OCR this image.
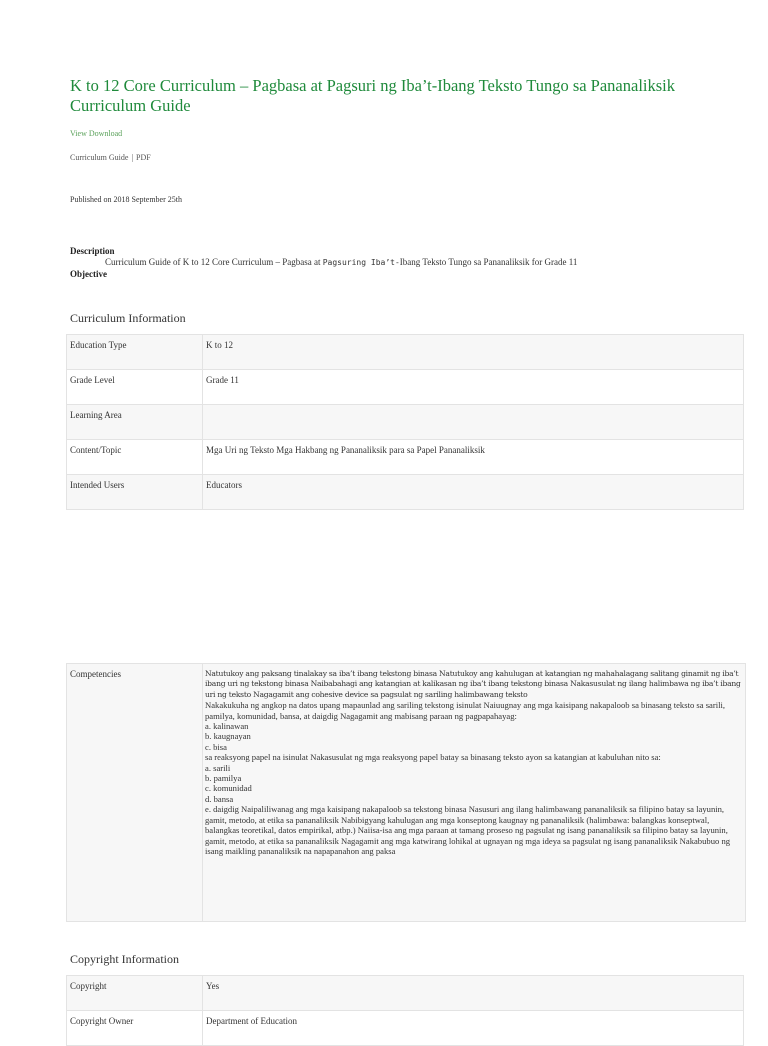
K to 12 Core Curriculum – Pagbasa at Pagsuri ng Iba’t-Ibang Teksto Tungo sa Pananaliksik Curriculum Guide
View Download
Curriculum Guide | PDF
Published on 2018 September 25th
Description
Curriculum Guide of K to 12 Core Curriculum – Pagbasa at Pagsuring Iba’t-Ibang Teksto Tungo sa Pananaliksik for Grade 11
Objective
Curriculum Information
Education Type	K to 12
Grade Level	Grade 11
Learning Area	
Content/Topic	Mga Uri ng Teksto Mga Hakbang ng Pananaliksik para sa Papel Pananaliksik
Intended Users	Educators
Competencies	Natutukoy ang paksang tinalakay sa iba’t ibang tekstong binasa Natutukoy ang kahulugan at katangian ng mahahalagang salitang ginamit ng iba’t ibang uri ng tekstong binasa Naibabahagi ang katangian at kalikasan ng iba’t ibang tekstong binasa Nakasusulat ng ilang halimbawa ng iba’t ibang uri ng teksto Nagagamit ang cohesive device sa pagsulat ng sariling halimbawang teksto
Nakakukuha ng angkop na datos upang mapaunlad ang sariling tekstong isinulat Naiuugnay ang mga kaisipang nakapaloob sa binasang teksto sa sarili, pamilya, komunidad, bansa, at daigdig Nagagamit ang mabisang paraan ng pagpapahayag:
a. kalinawan
b. kaugnayan
c. bisa
sa reaksyong papel na isinulat Nakasusulat ng mga reaksyong papel batay sa binasang teksto ayon sa katangian at kabuluhan nito sa:
a. sarili
b. pamilya
c. komunidad
d. bansa
e. daigdig Naipaliliwanag ang mga kaisipang nakapaloob sa tekstong binasa Nasusuri ang ilang halimbawang pananaliksik sa filipino batay sa layunin, gamit, metodo, at etika sa pananaliksik Nabibigyang kahulugan ang mga konseptong kaugnay ng pananaliksik (halimbawa: balangkas konseptwal, balangkas teoretikal, datos empirikal, atbp.) Naiisa-isa ang mga paraan at tamang proseso ng pagsulat ng isang pananaliksik sa filipino batay sa layunin, gamit, metodo, at etika sa pananaliksik Nagagamit ang mga katwirang lohikal at ugnayan ng mga ideya sa pagsulat ng isang pananaliksik Nakabubuo ng isang maikling pananaliksik na napapanahon ang paksa
Copyright Information
Copyright	Yes
Copyright Owner	Department of Education
